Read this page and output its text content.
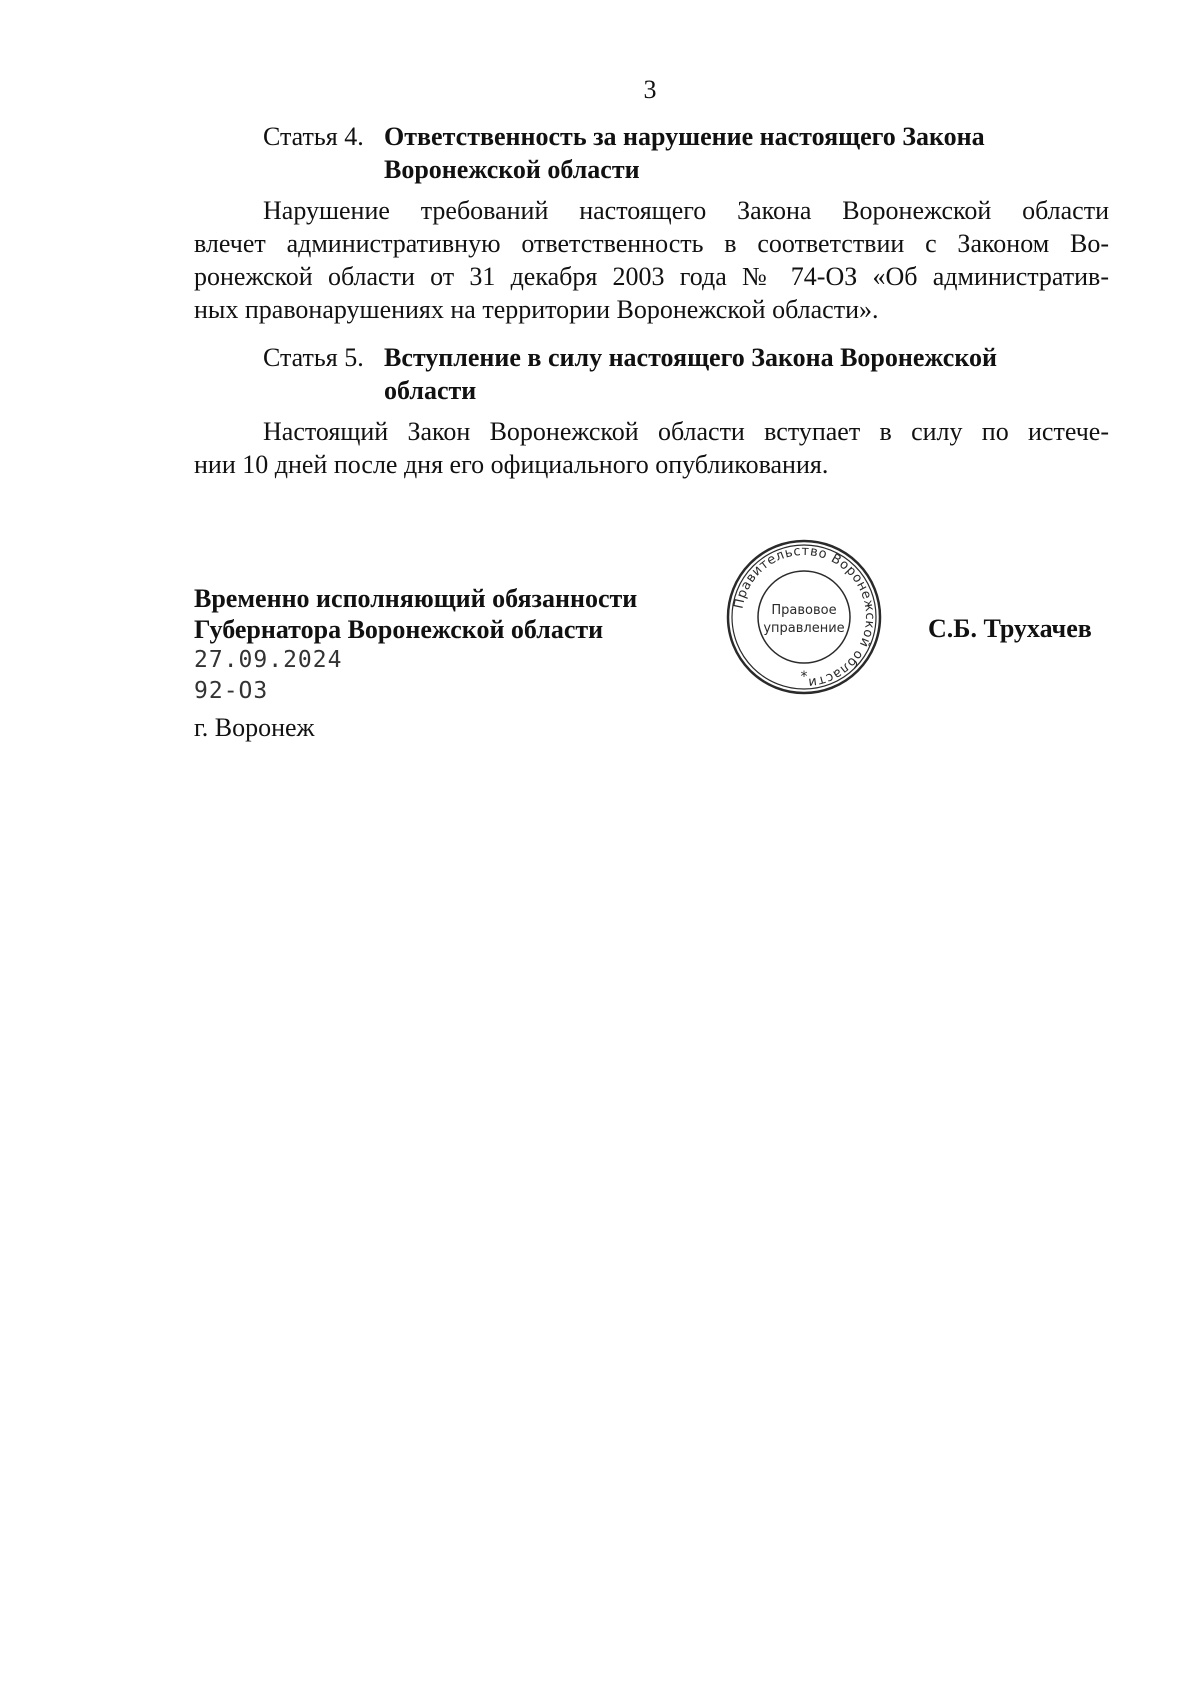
3
Статья 4. Ответственность за нарушение настоящего Закона
Воронежской области
Нарушение требований настоящего Закона Воронежской области
влечет административную ответственность в соответствии с Законом Во-
ронежской области от 31 декабря 2003 года № 74-ОЗ «Об административ-
ных правонарушениях на территории Воронежской области».
Статья 5. Вступление в силу настоящего Закона Воронежской
области
Настоящий Закон Воронежской области вступает в силу по истече-
нии 10 дней после дня его официального опубликования.
Временно исполняющий обязанности
Губернатора Воронежской области
27.09.2024
92-ОЗ
г. Воронеж
С.Б. Трухачев
Правительство Воронежской области
Правовое
управление
*
